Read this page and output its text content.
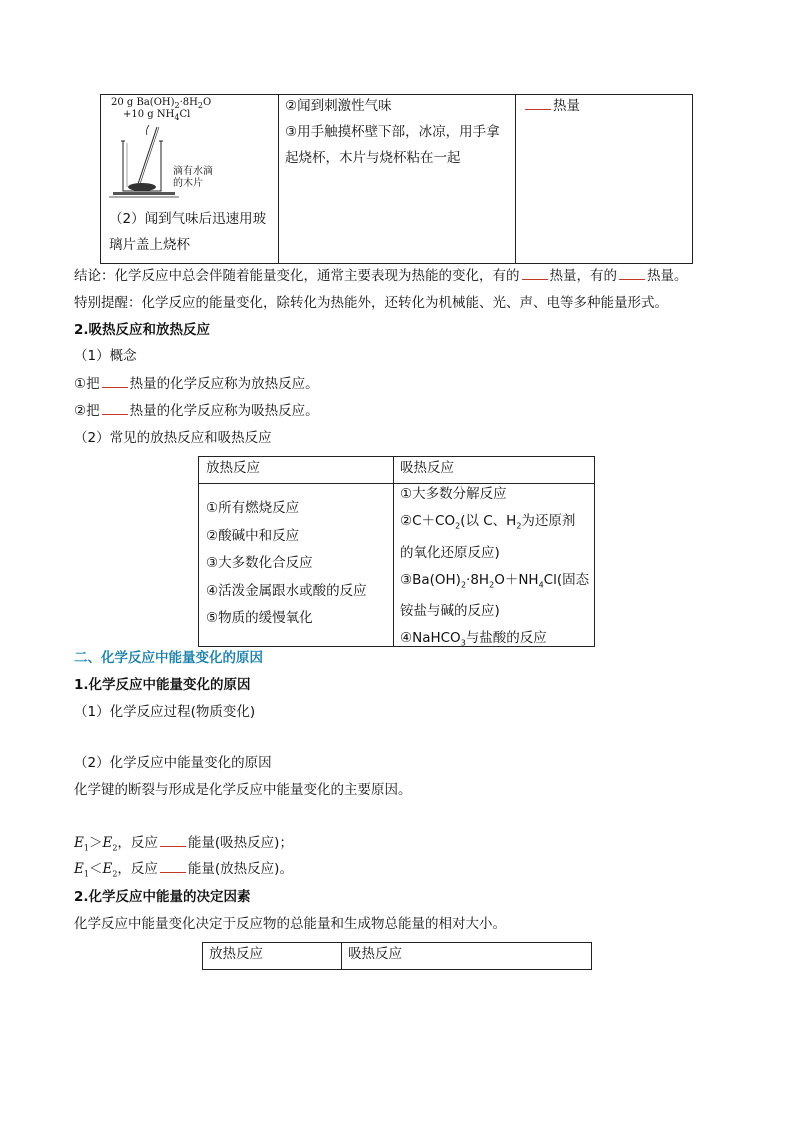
20 g $Ba(OH)_2\cdot 8H_2O$
+10 g $NH_4Cl$
滴有水滴
的木片
（2）闻到气味后迅速用玻
璃片盖上烧杯
②闻到刺激性气味
③用手触摸杯壁下部，冰凉，用手拿
起烧杯，木片与烧杯粘在一起
热量
结论：化学反应中总会伴随着能量变化，通常主要表现为热能的变化，有的 热量，有的 热量。
特别提醒：化学反应的能量变化，除转化为热能外，还转化为机械能、光、声、电等多种能量形式。
2.吸热反应和放热反应
（1）概念
①把 热量的化学反应称为放热反应。
②把 热量的化学反应称为吸热反应。
（2）常见的放热反应和吸热反应
放热反应	吸热反应
①所有燃烧反应
②酸碱中和反应
③大多数化合反应
④活泼金属跟水或酸的反应
⑤物质的缓慢氧化
①大多数分解反应
$②C+CO_2$(以 C、$H_2$为还原剂
的氧化还原反应)
$③Ba(OH)_2\cdot 8H_2O+NH_4Cl$(固态
铵盐与碱的反应)
④NaHCO$_3$与盐酸的反应
二、化学反应中能量变化的原因
1.化学反应中能量变化的原因
（1）化学反应过程(物质变化)
（2）化学反应中能量变化的原因
化学键的断裂与形成是化学反应中能量变化的主要原因。
$E_1>E_2$，反应 能量(吸热反应)；
$E_1<E_2$，反应 能量(放热反应)。
2.化学反应中能量的决定因素
化学反应中能量变化决定于反应物的总能量和生成物总能量的相对大小。
放热反应	吸热反应
